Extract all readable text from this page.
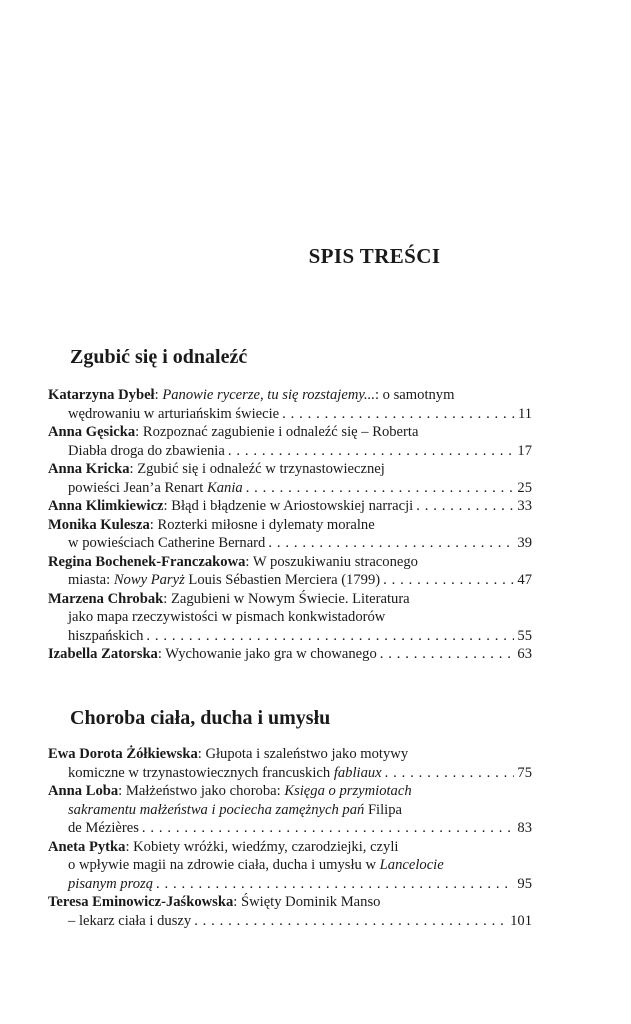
SPIS TREŚCI
Zgubić się i odnaleźć
Katarzyna Dybeł: Panowie rycerze, tu się rozstajemy...: o samotnym
wędrowaniu w arturiańskim świecie . . .	11
Anna Gęsicka: Rozpoznać zagubienie i odnaleźć się – Roberta
Diabła droga do zbawienia . . .	17
Anna Kricka: Zgubić się i odnaleźć w trzynastowiecznej
powieści Jean’a Renart Kania . . .	25
Anna Klimkiewicz: Błąd i błądzenie w Ariostowskiej narracji . . .	33
Monika Kulesza: Rozterki miłosne i dylematy moralne
w powieściach Catherine Bernard . . .	39
Regina Bochenek-Franczakowa: W poszukiwaniu straconego
miasta: Nowy Paryż Louis Sébastien Merciera (1799) . . .	47
Marzena Chrobak: Zagubieni w Nowym Świecie. Literatura
jako mapa rzeczywistości w pismach konkwistadorów
hiszpańskich . . .	55
Izabella Zatorska: Wychowanie jako gra w chowanego . . .	63
Choroba ciała, ducha i umysłu
Ewa Dorota Żółkiewska: Głupota i szaleństwo jako motywy
komiczne w trzynastowiecznych francuskich fabliaux . . .	75
Anna Loba: Małżeństwo jako choroba: Księga o przymiotach
sakramentu małżeństwa i pociecha zamężnych pań Filipa
de Mézières . . .	83
Aneta Pytka: Kobiety wróżki, wiedźmy, czarodziejki, czyli
o wpływie magii na zdrowie ciała, ducha i umysłu w Lancelocie
pisanym prozą . . .	95
Teresa Eminowicz-Jaśkowska: Święty Dominik Manso
– lekarz ciała i duszy . . .	101
